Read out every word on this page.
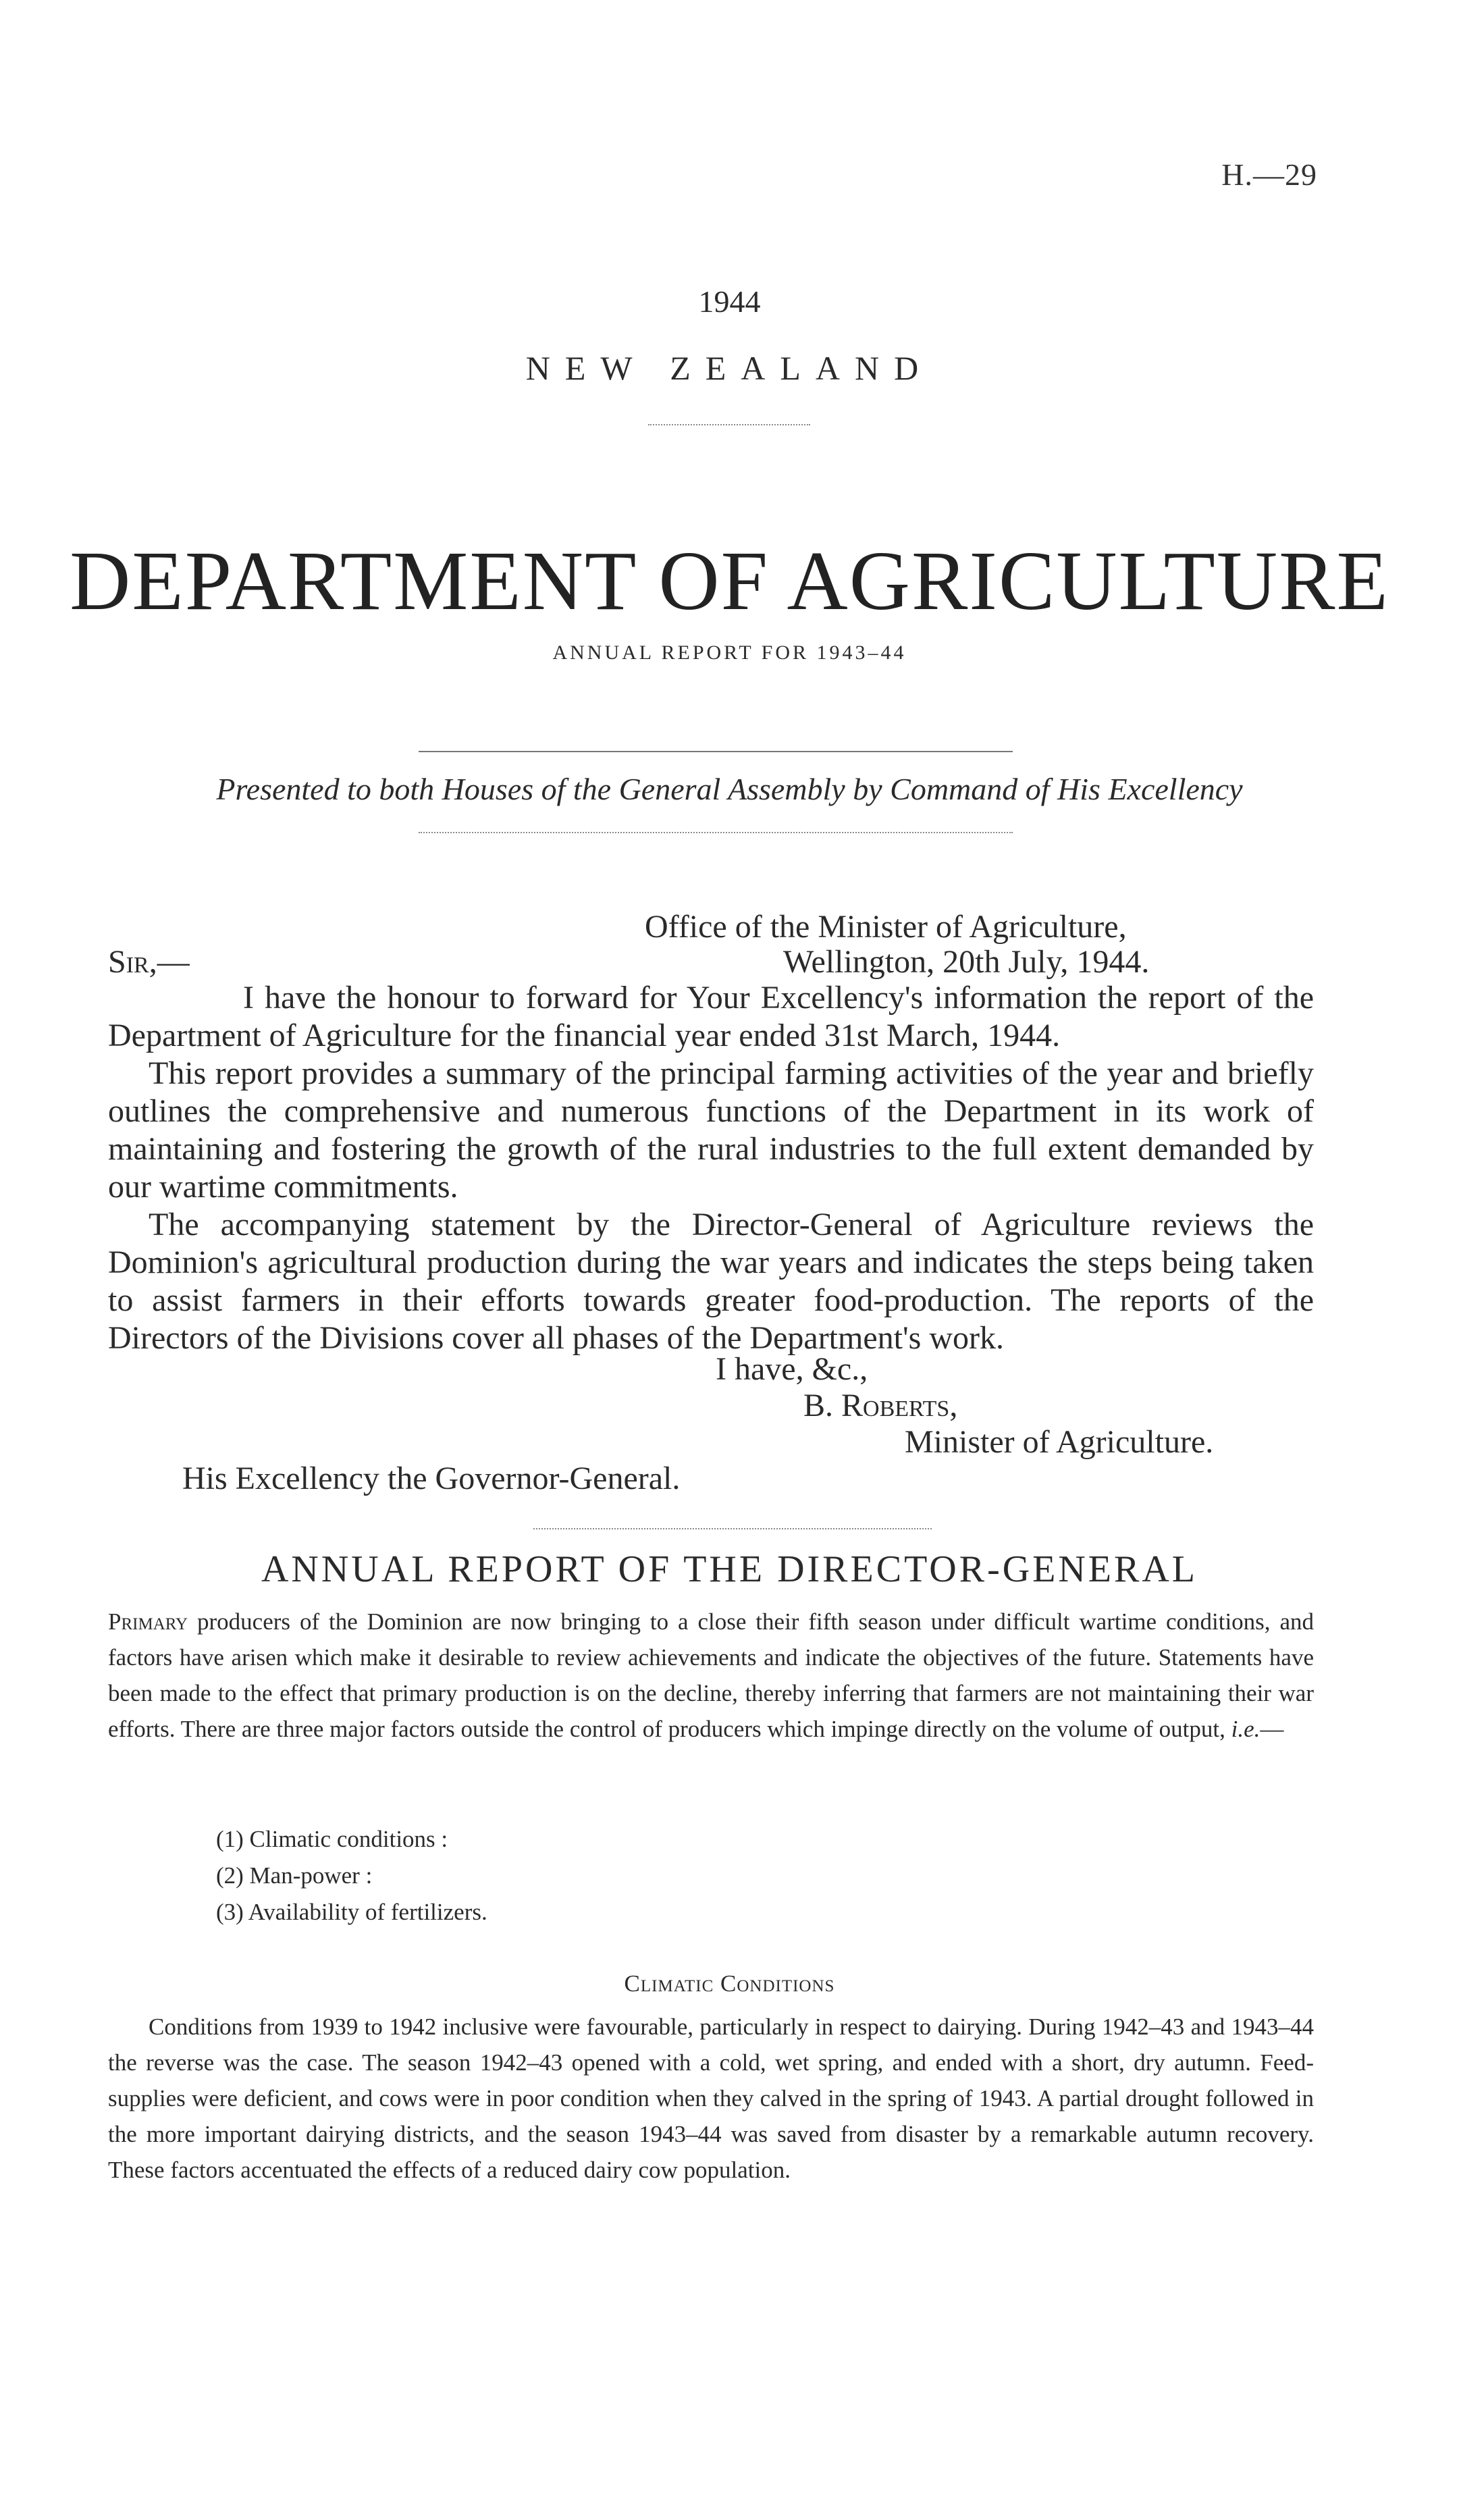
H.—29
1944
NEW ZEALAND
DEPARTMENT OF AGRICULTURE
ANNUAL REPORT FOR 1943–44
Presented to both Houses of the General Assembly by Command of His Excellency
Office of the Minister of Agriculture,
Sir,—	Wellington, 20th July, 1944.

I have the honour to forward for Your Excellency's information the report of the Department of Agriculture for the financial year ended 31st March, 1944.

This report provides a summary of the principal farming activities of the year and briefly outlines the comprehensive and numerous functions of the Department in its work of maintaining and fostering the growth of the rural industries to the full extent demanded by our wartime commitments.

The accompanying statement by the Director-General of Agriculture reviews the Dominion's agricultural production during the war years and indicates the steps being taken to assist farmers in their efforts towards greater food-production. The reports of the Directors of the Divisions cover all phases of the Department's work.

I have, &c.,
B. Roberts,
Minister of Agriculture.
His Excellency the Governor-General.
ANNUAL REPORT OF THE DIRECTOR-GENERAL

Primary producers of the Dominion are now bringing to a close their fifth season under difficult wartime conditions, and factors have arisen which make it desirable to review achievements and indicate the objectives of the future. Statements have been made to the effect that primary production is on the decline, thereby inferring that farmers are not maintaining their war efforts. There are three major factors outside the control of producers which impinge directly on the volume of output, i.e.—

(1) Climatic conditions :
(2) Man-power :
(3) Availability of fertilizers.
Climatic Conditions

Conditions from 1939 to 1942 inclusive were favourable, particularly in respect to dairying. During 1942–43 and 1943–44 the reverse was the case. The season 1942–43 opened with a cold, wet spring, and ended with a short, dry autumn. Feed-supplies were deficient, and cows were in poor condition when they calved in the spring of 1943. A partial drought followed in the more important dairying districts, and the season 1943–44 was saved from disaster by a remarkable autumn recovery. These factors accentuated the effects of a reduced dairy cow population.
